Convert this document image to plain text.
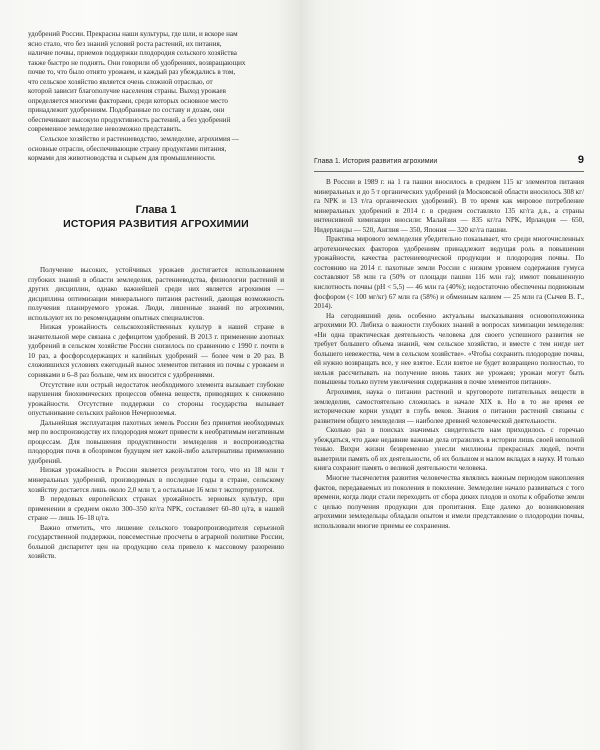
удобрений России. Прекрасны наши культуры, где шли, и вскоре нам

ясно стало, что без знаний условий роста растений, их питания,

наличие почвы, приемов поддержки плодородия сельского хозяйства

также быстро не поднять. Они говорили об удобрениях, возвращающих

почве то, что было отнято урожаем, и каждый раз убеждались в том,

что сельское хозяйство является очень сложной отраслью, от

которой зависит благополучие населения страны. Выход урожаев

определяется многими факторами, среди которых основное место

принадлежит удобрениям. Подобранные по составу и дозам, они

обеспечивают высокую продуктивность растений, а без удобрений

современное земледелие невозможно представить.

Сельское хозяйство и растениеводство, земледелие, агрохимия —

основные отрасли, обеспечивающие страну продуктами питания,

кормами для животноводства и сырьем для промышленности.

Глава 1
ИСТОРИЯ РАЗВИТИЯ АГРОХИМИИ

Получение высоких, устойчивых урожаев достигается использованием глубоких знаний в области земледелия, растениеводства, физиологии растений и других дисциплин, однако важнейшей среди них является агрохимия — дисциплина оптимизации минерального питания растений, дающая возможность получения планируемого урожая. Люди, лишенные знаний по агрохимии, используют их по рекомендациям опытных специалистов.

Низкая урожайность сельскохозяйственных культур в нашей стране в значительной мере связана с дефицитом удобрений. В 2013 г. применение азотных удобрений в сельском хозяйстве России снизилось по сравнению с 1990 г. почти в 10 раз, а фосфорсодержащих и калийных удобрений — более чем в 20 раз. В сложившихся условиях ежегодный вынос элементов питания из почвы с урожаем и сорняками в 6–8 раз больше, чем их вносится с удобрениями.

Отсутствие или острый недостаток необходимого элемента вызывает глубокие нарушения биохимических процессов обмена веществ, приводящих к снижению урожайности. Отсутствие поддержки со стороны государства вызывает опустынивание сельских районов Нечерноземья.

Дальнейшая эксплуатация пахотных земель России без принятия необходимых мер по воспроизводству их плодородия может привести к необратимым негативным процессам. Для повышения продуктивности земледелия и воспроизводства плодородия почв в обозримом будущем нет какой-либо альтернативы применению удобрений.

Низкая урожайность в России является результатом того, что из 18 млн т минеральных удобрений, производимых в последние годы в стране, сельскому хозяйству достается лишь около 2,0 млн т, а остальные 16 млн т экспортируются.

В передовых европейских странах урожайность зерновых культур, при применении в среднем около 300–350 кг/га NPK, составляет 60–80 ц/га, в нашей стране — лишь 16–18 ц/га.

Важно отметить, что лишение сельского товаропроизводителя серьезной государственной поддержки, повсеместные просчеты в аграрной политике России, большой диспаритет цен на продукцию села привело к массовому разорению хозяйств.

Глава 1. История развития агрохимии	9

В России в 1989 г. на 1 га пашни вносилось в среднем 115 кг элементов питания минеральных и до 5 т органических удобрений (в Московской области вносилось 308 кг/га NPK и 13 т/га органических удобрений). В то время как мировое потребление минеральных удобрений в 2014 г. в среднем составляло 135 кг/га д.в., а страны интенсивной химизации вносили: Малайзия — 835 кг/га NPK, Ирландия — 650, Нидерланды — 520, Англия — 350, Япония — 320 кг/га пашни.

Практика мирового земледелия убедительно показывает, что среди многочисленных агротехнических факторов удобрениям принадлежит ведущая роль в повышении урожайности, качества растениеводческой продукции и плодородия почвы. По состоянию на 2014 г. пахотные земли России с низким уровнем содержания гумуса составляют 58 млн га (50% от площади пашни 116 млн га); имеют повышенную кислотность почвы (pH < 5,5) — 46 млн га (40%); недостаточно обеспечены подвижным фосфором (< 100 мг/кг) 67 млн га (58%) и обменным калием — 25 млн га (Сычев В. Г., 2014).

На сегодняшний день особенно актуальны высказывания основоположника агрохимии Ю. Либиха о важности глубоких знаний в вопросах химизации земледелия: «Ни одна практическая деятельность человека для своего успешного развития не требует большего объема знаний, чем сельское хозяйство, и вместе с тем нигде нет большего невежества, чем в сельском хозяйстве». «Чтобы сохранить плодородие почвы, ей нужно возвращать все, у нее взятое. Если взятое не будет возвращено полностью, то нельзя рассчитывать на получение вновь таких же урожаев; урожаи могут быть повышены только путем увеличения содержания в почве элементов питания».

Агрохимия, наука о питании растений и круговороте питательных веществ в земледелии, самостоятельно сложилась в начале XIX в. Но в то же время ее исторические корни уходят в глубь веков. Знания о питании растений связаны с развитием общего земледелия — наиболее древней человеческой деятельности.

Сколько раз в поисках значимых свидетельств нам приходилось с горечью убеждаться, что даже недавние важные дела отразились в истории лишь своей неполной тенью. Вихри жизни безвременно унесли миллионы прекрасных людей, почти выветрили память об их деятельности, об их большом и малом вкладах в науку. И только книга сохранит память о великой деятельности человека.

Многие тысячелетия развития человечества являлись важным периодом накопления фактов, передаваемых из поколения в поколение. Земледелие начало развиваться с того времени, когда люди стали переходить от сбора диких плодов и охоты к обработке земли с целью получения продукции для пропитания. Еще далеко до возникновения агрохимии земледельцы обладали опытом и имели представление о плодородии почвы, использовали многие приемы ее сохранения.
